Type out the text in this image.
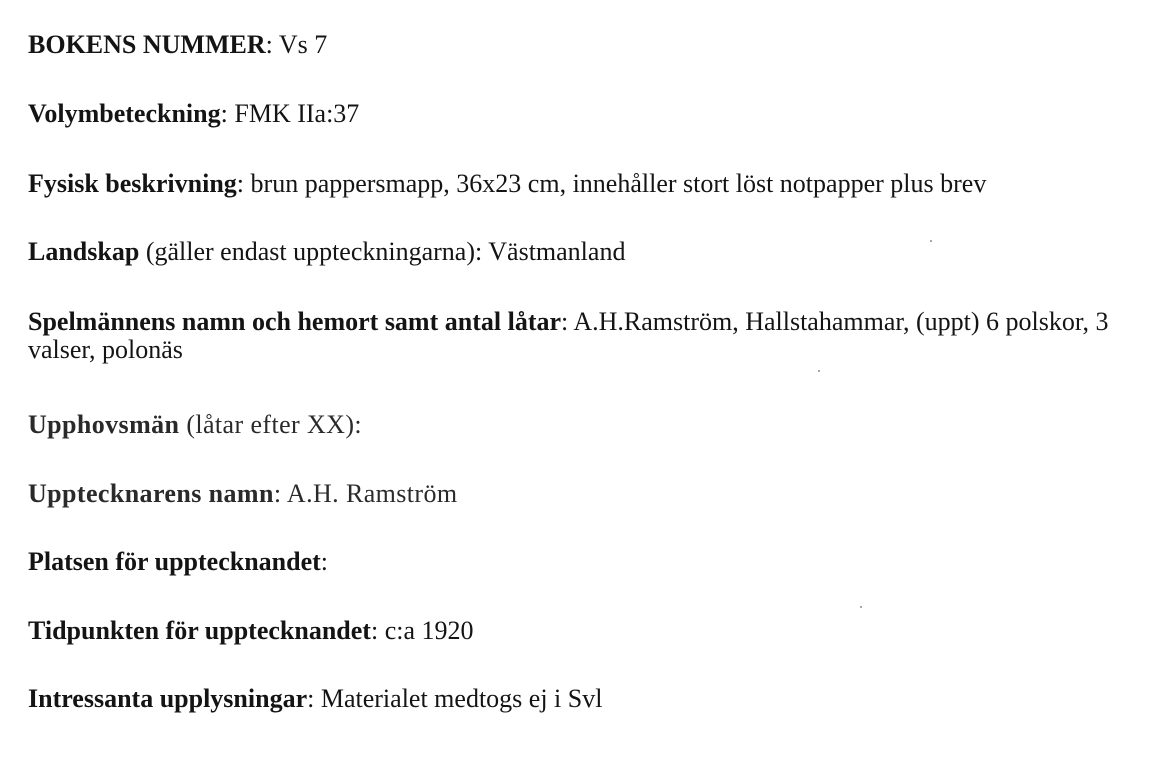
BOKENS NUMMER: Vs 7

Volymbeteckning: FMK IIa:37

Fysisk beskrivning: brun pappersmapp, 36x23 cm, innehåller stort löst notpapper plus brev

Landskap (gäller endast uppteckningarna): Västmanland

Spelmännens namn och hemort samt antal låtar: A.H.Ramström, Hallstahammar, (uppt) 6 polskor, 3 valser, polonäs

Upphovsmän (låtar efter XX):

Upptecknarens namn: A.H. Ramström

Platsen för upptecknandet:

Tidpunkten för upptecknandet: c:a 1920

Intressanta upplysningar: Materialet medtogs ej i Svl
